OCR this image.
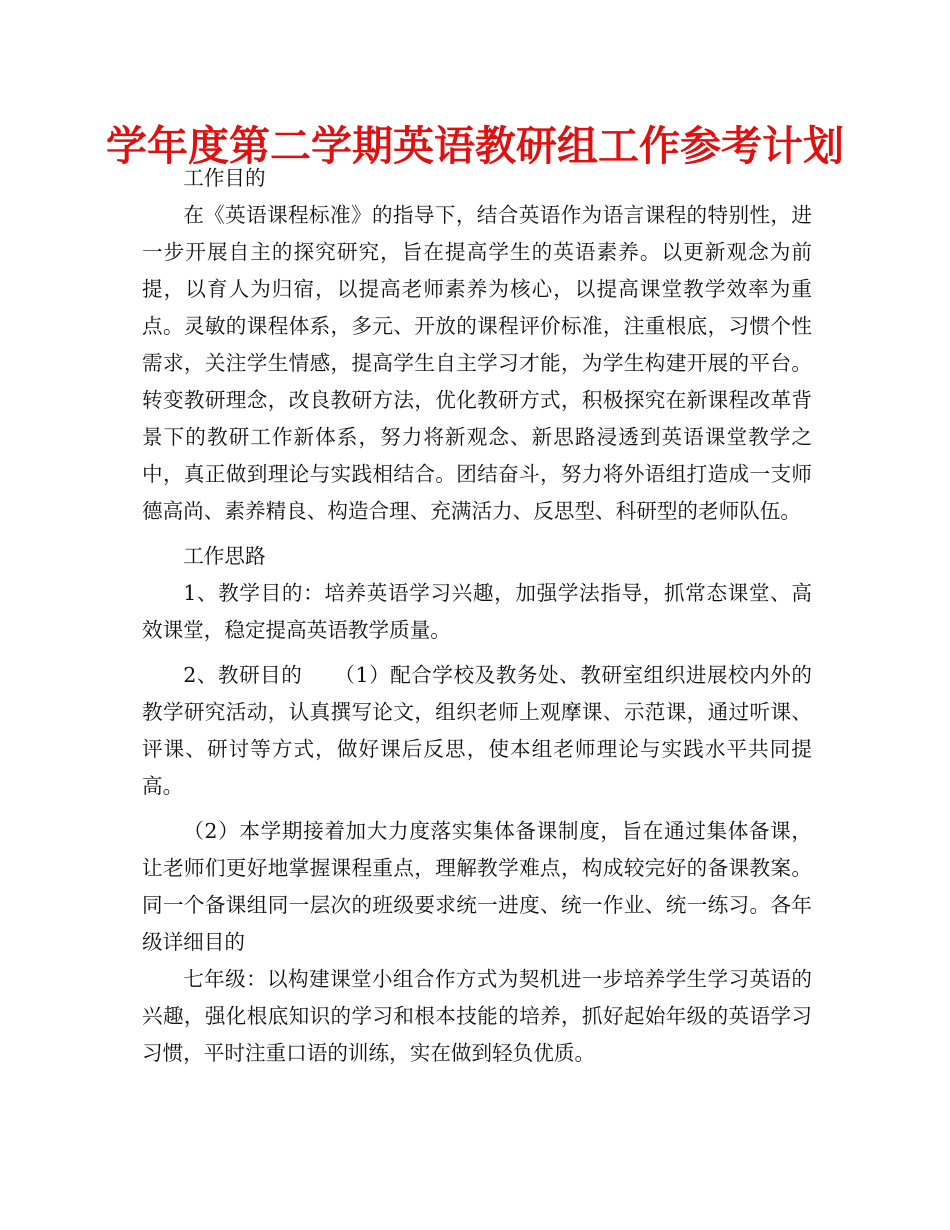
学年度第二学期英语教研组工作参考计划

工作目的

在《英语课程标准》的指导下，结合英语作为语言课程的特别性，进一步开展自主的探究研究，旨在提高学生的英语素养。以更新观念为前提，以育人为归宿，以提高老师素养为核心，以提高课堂教学效率为重点。灵敏的课程体系，多元、开放的课程评价标准，注重根底，习惯个性需求，关注学生情感，提高学生自主学习才能，为学生构建开展的平台。转变教研理念，改良教研方法，优化教研方式，积极探究在新课程改革背景下的教研工作新体系，努力将新观念、新思路浸透到英语课堂教学之中，真正做到理论与实践相结合。团结奋斗，努力将外语组打造成一支师德高尚、素养精良、构造合理、充满活力、反思型、科研型的老师队伍。

工作思路

1、教学目的：培养英语学习兴趣，加强学法指导，抓常态课堂、高效课堂，稳定提高英语教学质量。

2、教研目的　　（1）配合学校及教务处、教研室组织进展校内外的教学研究活动，认真撰写论文，组织老师上观摩课、示范课，通过听课、评课、研讨等方式，做好课后反思，使本组老师理论与实践水平共同提高。

（2）本学期接着加大力度落实集体备课制度，旨在通过集体备课，让老师们更好地掌握课程重点，理解教学难点，构成较完好的备课教案。同一个备课组同一层次的班级要求统一进度、统一作业、统一练习。各年级详细目的

七年级：以构建课堂小组合作方式为契机进一步培养学生学习英语的兴趣，强化根底知识的学习和根本技能的培养，抓好起始年级的英语学习习惯，平时注重口语的训练，实在做到轻负优质。
